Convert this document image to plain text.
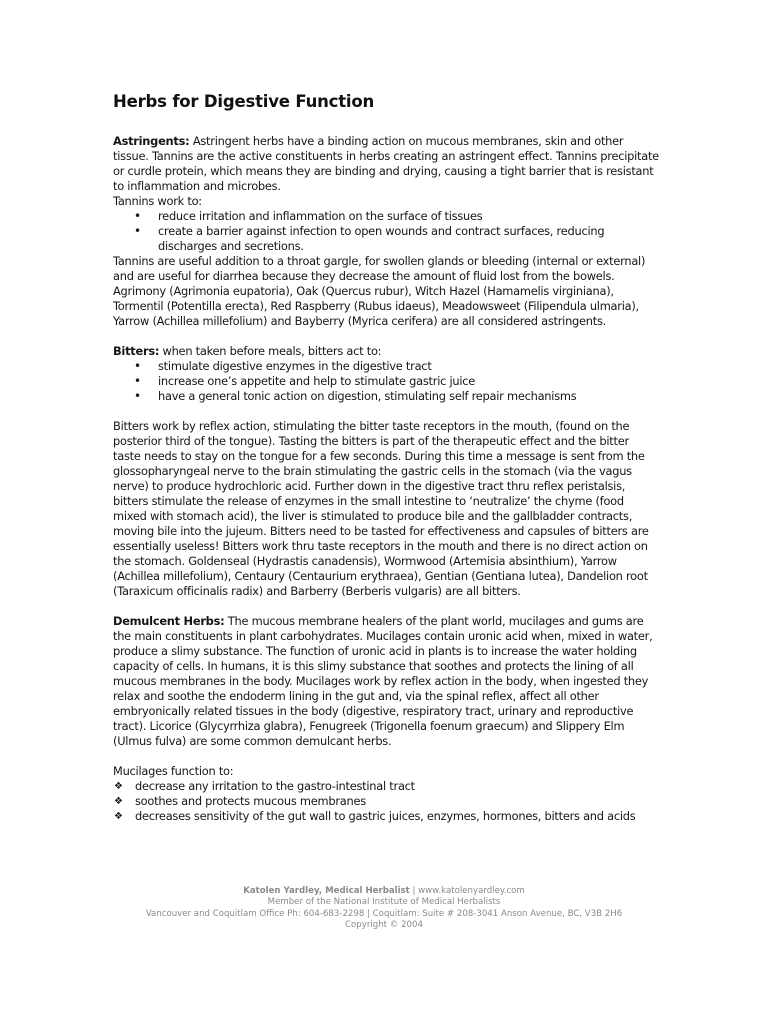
Herbs for Digestive Function

Astringents: Astringent herbs have a binding action on mucous membranes, skin and other tissue. Tannins are the active constituents in herbs creating an astringent effect. Tannins precipitate or curdle protein, which means they are binding and drying, causing a tight barrier that is resistant to inflammation and microbes.

Tannins work to:

• reduce irritation and inflammation on the surface of tissues
• create a barrier against infection to open wounds and contract surfaces, reducing discharges and secretions.

Tannins are useful addition to a throat gargle, for swollen glands or bleeding (internal or external) and are useful for diarrhea because they decrease the amount of fluid lost from the bowels. Agrimony (Agrimonia eupatoria), Oak (Quercus rubur), Witch Hazel (Hamamelis virginiana), Tormentil (Potentilla erecta), Red Raspberry (Rubus idaeus), Meadowsweet (Filipendula ulmaria), Yarrow (Achillea millefolium) and Bayberry (Myrica cerifera) are all considered astringents.

Bitters: when taken before meals, bitters act to:

• stimulate digestive enzymes in the digestive tract
• increase one’s appetite and help to stimulate gastric juice
• have a general tonic action on digestion, stimulating self repair mechanisms

Bitters work by reflex action, stimulating the bitter taste receptors in the mouth, (found on the posterior third of the tongue). Tasting the bitters is part of the therapeutic effect and the bitter taste needs to stay on the tongue for a few seconds. During this time a message is sent from the glossopharyngeal nerve to the brain stimulating the gastric cells in the stomach (via the vagus nerve) to produce hydrochloric acid. Further down in the digestive tract thru reflex peristalsis, bitters stimulate the release of enzymes in the small intestine to ‘neutralize’ the chyme (food mixed with stomach acid), the liver is stimulated to produce bile and the gallbladder contracts, moving bile into the jujeum. Bitters need to be tasted for effectiveness and capsules of bitters are essentially useless! Bitters work thru taste receptors in the mouth and there is no direct action on the stomach. Goldenseal (Hydrastis canadensis), Wormwood (Artemisia absinthium), Yarrow (Achillea millefolium), Centaury (Centaurium erythraea), Gentian (Gentiana lutea), Dandelion root (Taraxicum officinalis radix) and Barberry (Berberis vulgaris) are all bitters.

Demulcent Herbs: The mucous membrane healers of the plant world, mucilages and gums are the main constituents in plant carbohydrates. Mucilages contain uronic acid when, mixed in water, produce a slimy substance. The function of uronic acid in plants is to increase the water holding capacity of cells. In humans, it is this slimy substance that soothes and protects the lining of all mucous membranes in the body. Mucilages work by reflex action in the body, when ingested they relax and soothe the endoderm lining in the gut and, via the spinal reflex, affect all other embryonically related tissues in the body (digestive, respiratory tract, urinary and reproductive tract). Licorice (Glycyrrhiza glabra), Fenugreek (Trigonella foenum graecum) and Slippery Elm (Ulmus fulva) are some common demulcant herbs.

Mucilages function to:

❖ decrease any irritation to the gastro-intestinal tract
❖ soothes and protects mucous membranes
❖ decreases sensitivity of the gut wall to gastric juices, enzymes, hormones, bitters and acids
Katolen Yardley, Medical Herbalist | www.katolenyardley.com
Member of the National Institute of Medical Herbalists
Vancouver and Coquitlam Office Ph: 604-683-2298 | Coquitlam: Suite # 208-3041 Anson Avenue, BC, V3B 2H6
Copyright © 2004
